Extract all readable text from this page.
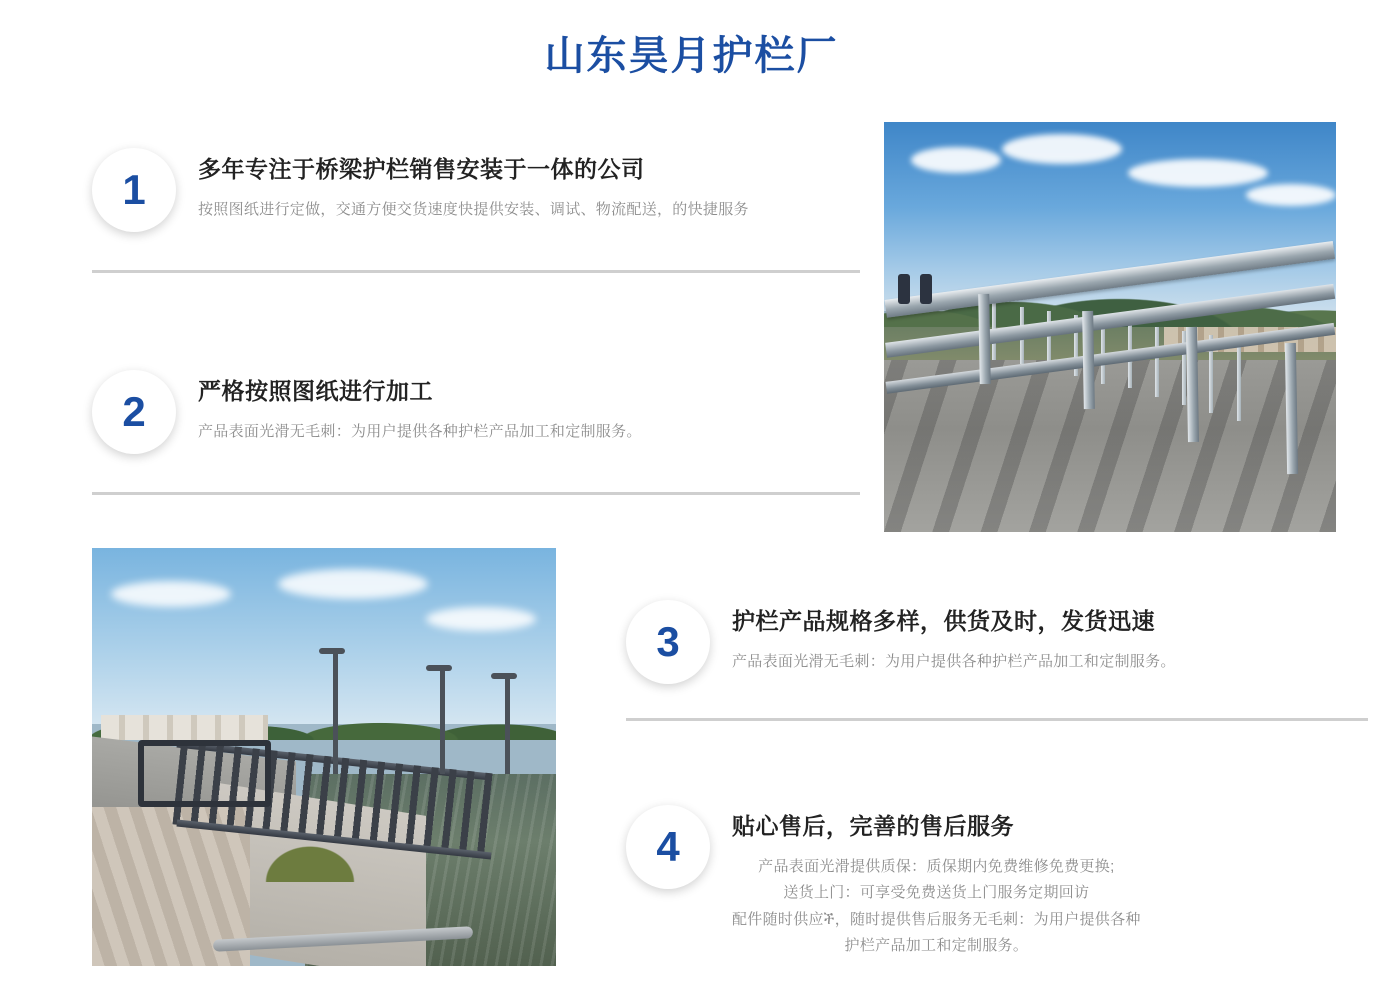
山东昊月护栏厂
1	多年专注于桥梁护栏销售安装于一体的公司
按照图纸进行定做，交通方便交货速度快提供安装、调试、物流配送，的快捷服务
2	严格按照图纸进行加工
产品表面光滑无毛刺：为用户提供各种护栏产品加工和定制服务。
3	护栏产品规格多样，供货及时，发货迅速
产品表面光滑无毛刺：为用户提供各种护栏产品加工和定制服务。
4	贴心售后，完善的售后服务
产品表面光滑提供质保：质保期内免费维修免费更换;
送货上门：可享受免费送货上门服务定期回访
配件随时供应ች，随时提供售后服务无毛刺：为用户提供各种
护栏产品加工和定制服务。
